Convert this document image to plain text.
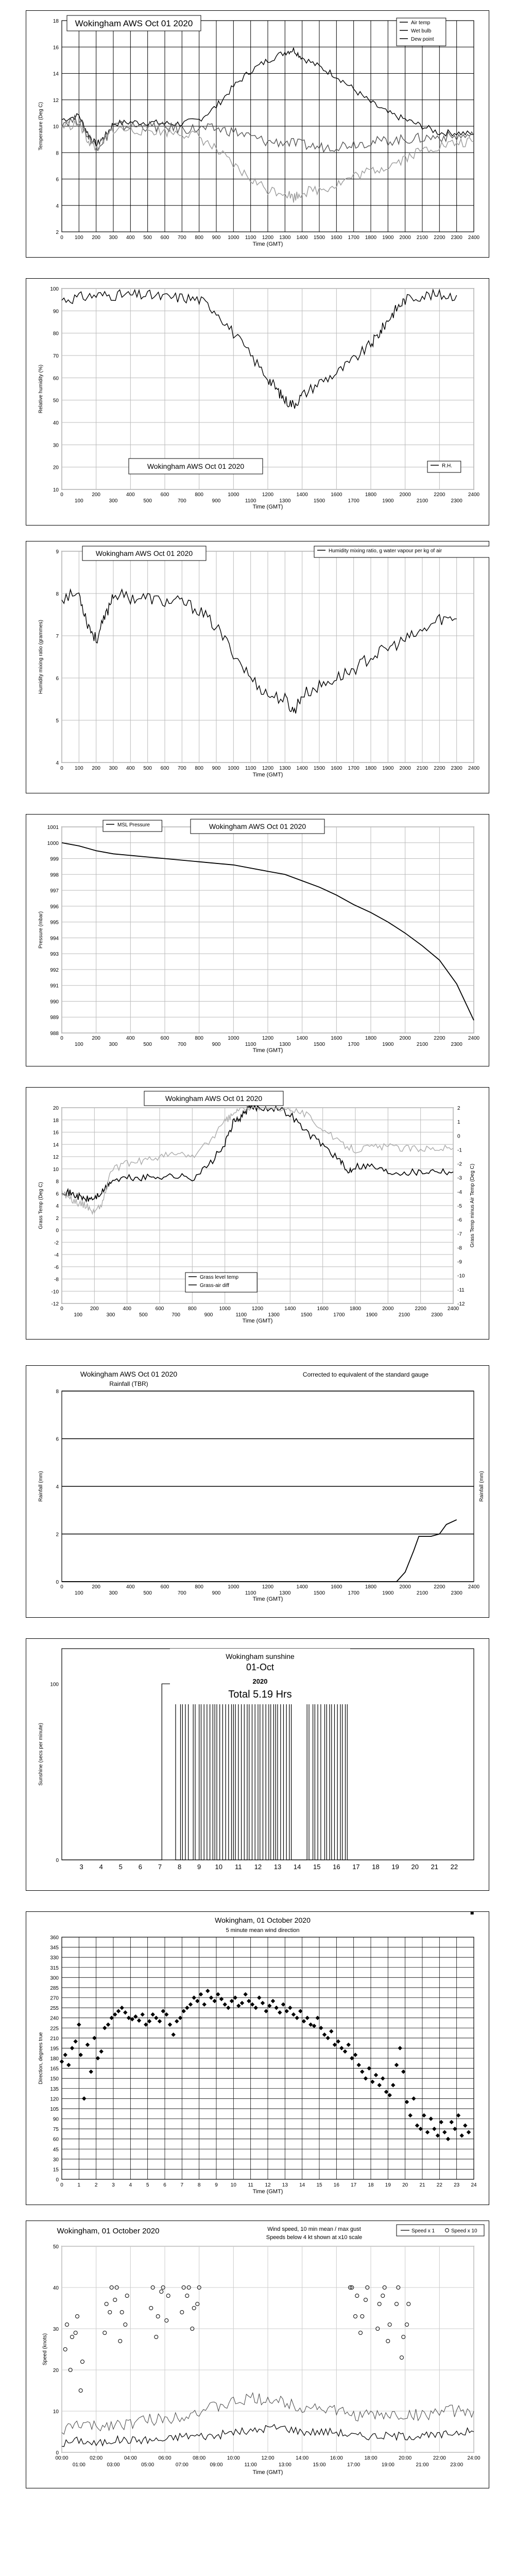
2
4
6
8
10
12
14
16
18
0 100 200 300 400 500 600 700 800 900 1000 1100 1200 1300 1400 1500 1600 1700 1800 1900 2000 2100 2200 2300 2400
Time (GMT)
Temperature (Deg C)
Wokingham AWS Oct 01 2020	Air temp
Wet bulb
Dew point
10
20
30
40
50
60
70
80
90
100
0	200	400	600	800	1000	1200	1400	1600	1800	2000	2200	2400
100	300	500	700	900	1100	1300	1500	1700	1900	2100	2300
Time (GMT)
Relative humidity (%)
Wokingham AWS Oct 01 2020	R.H.
4
5
6
7
8
9
0 100 200 300 400 500 600 700 800 900 1000 1100 1200 1300 1400 1500 1600 1700 1800 1900 2000 2100 2200 2300 2400
Time (GMT)
Humidity mixing ratio (grammes)
Wokingham AWS Oct 01 2020	Humidity mixing ratio, g water vapour per kg of air
988
989
990
991
992
993
994
995
996
997
998
999
1000
1001
0	200	400	600	800	1000	1200	1400	1600	1800	2000	2200	2400
100	300	500	700	900	1100	1300	1500	1700	1900	2100	2300
Time (GMT)
Pressure (mbar)
MSL Pressure	Wokingham AWS Oct 01 2020
20
18
16
14
12
10
8
6
4
2
0
-2
-4
-6
-8
-10
-12
0	200	400	600	800	1000	1200	1400	1600	1800	2000	2200	2400
100	300	500	700	900	1100	1300	1500	1700	1900	2100	2300
Time (GMT)
Grass Temp (Deg C)
2
1
0
-1
-2
-3
-4
-5
-6
-7
-8
-9
-10
-11
-12
Grass Temp minus Air Temp (Deg C)
Wokingham AWS Oct 01 2020
Grass level temp
Grass-air diff
0
2
4
6
8
0	200	400	600	800	1000	1200	1400	1600	1800	2000	2200	2400
100	300	500	700	900	1100	1300	1500	1700	1900	2100	2300
Time (GMT)
Rainfall (mm)	Rainfall (mm)
Wokingham AWS Oct 01 2020
Rainfall (TBR)
Corrected to equivalent of the standard gauge
0
100
3 4 5 6 7 8 9 10 11 12 13 14 15 16 17 18 19 20 21 22
Sunshine (secs per minute)
Wokingham sunshine
01-Oct
2020
Total 5.19 Hrs
0
15
30
45
60
75
90
105
120
135
150
165
180
195
210
225
240
255
270
285
300
315
330
345
360
0	1	2	3	4	5	6	7	8	9 10 11 12 13 14 15 16 17 18 19 20 21 22 23 24
Time (GMT)
Direction, degrees true
Wokingham, 01 October 2020
5 minute mean wind direction
0
10
20
30
40
50
00:00	02:00	04:00	06:00	08:00	10:00	12:00	14:00	16:00	18:00	20:00	22:00	24:00
01:00	03:00	05:00	07:00	09:00	11:00	13:00	15:00	17:00	19:00	21:00	23:00
Time (GMT)
Speed (knots)
Wokingham, 01 October 2020	Wind speed, 10 min mean / max gust
Speeds below 4 kt shown at x10 scale
Speed x 1	Speed x 10
